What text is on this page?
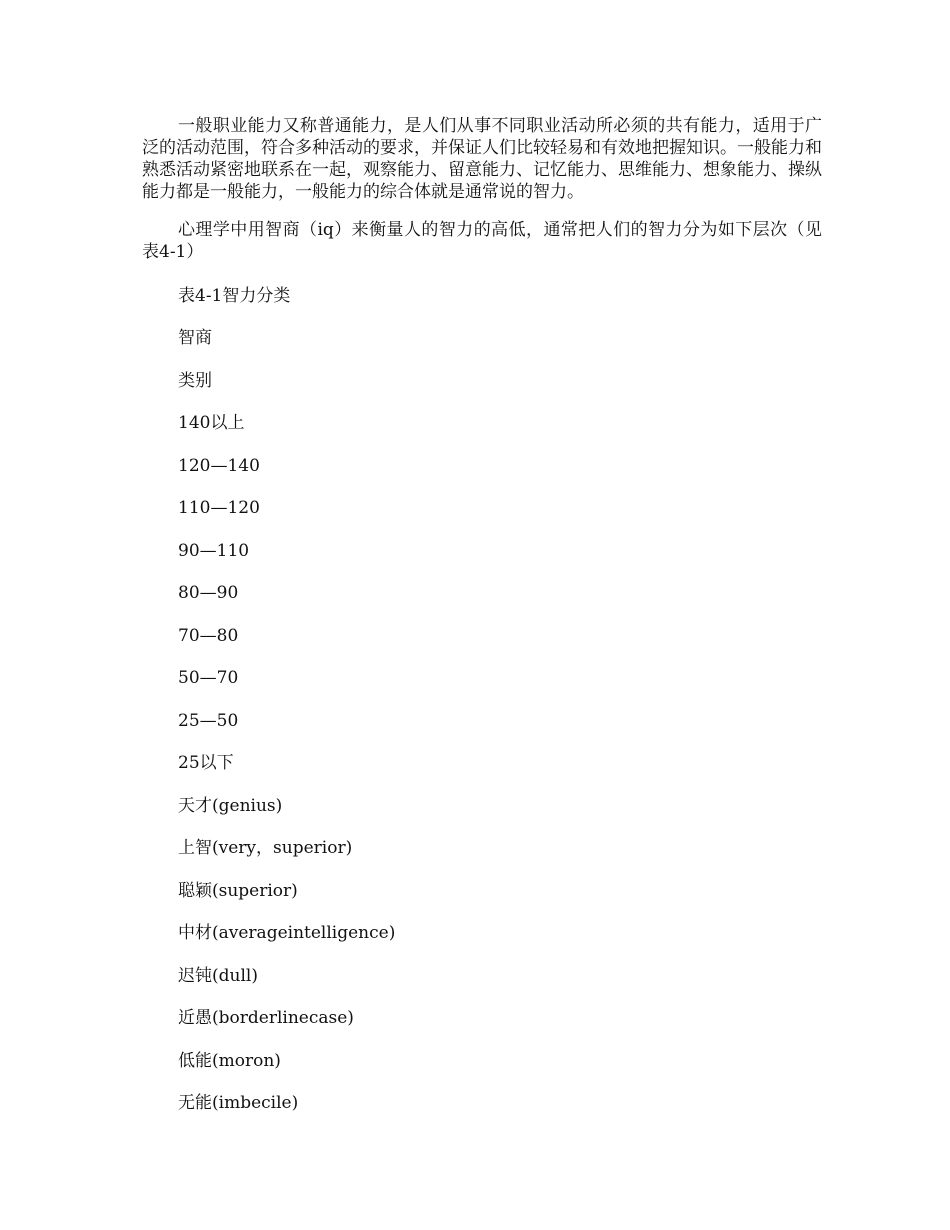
一般职业能力又称普通能力，是人们从事不同职业活动所必须的共有能力，适用于广泛的活动范围，符合多种活动的要求，并保证人们比较轻易和有效地把握知识。一般能力和熟悉活动紧密地联系在一起，观察能力、留意能力、记忆能力、思维能力、想象能力、操纵能力都是一般能力，一般能力的综合体就是通常说的智力。

心理学中用智商（iq）来衡量人的智力的高低，通常把人们的智力分为如下层次（见表4-1）

表4-1智力分类

智商

类别

140以上

120—140

110—120

90—110

80—90

70—80

50—70

25—50

25以下

天才(genius)

上智(very，superior)

聪颖(superior)

中材(averageintelligence)

迟钝(dull)

近愚(borderlinecase)

低能(moron)

无能(imbecile)
